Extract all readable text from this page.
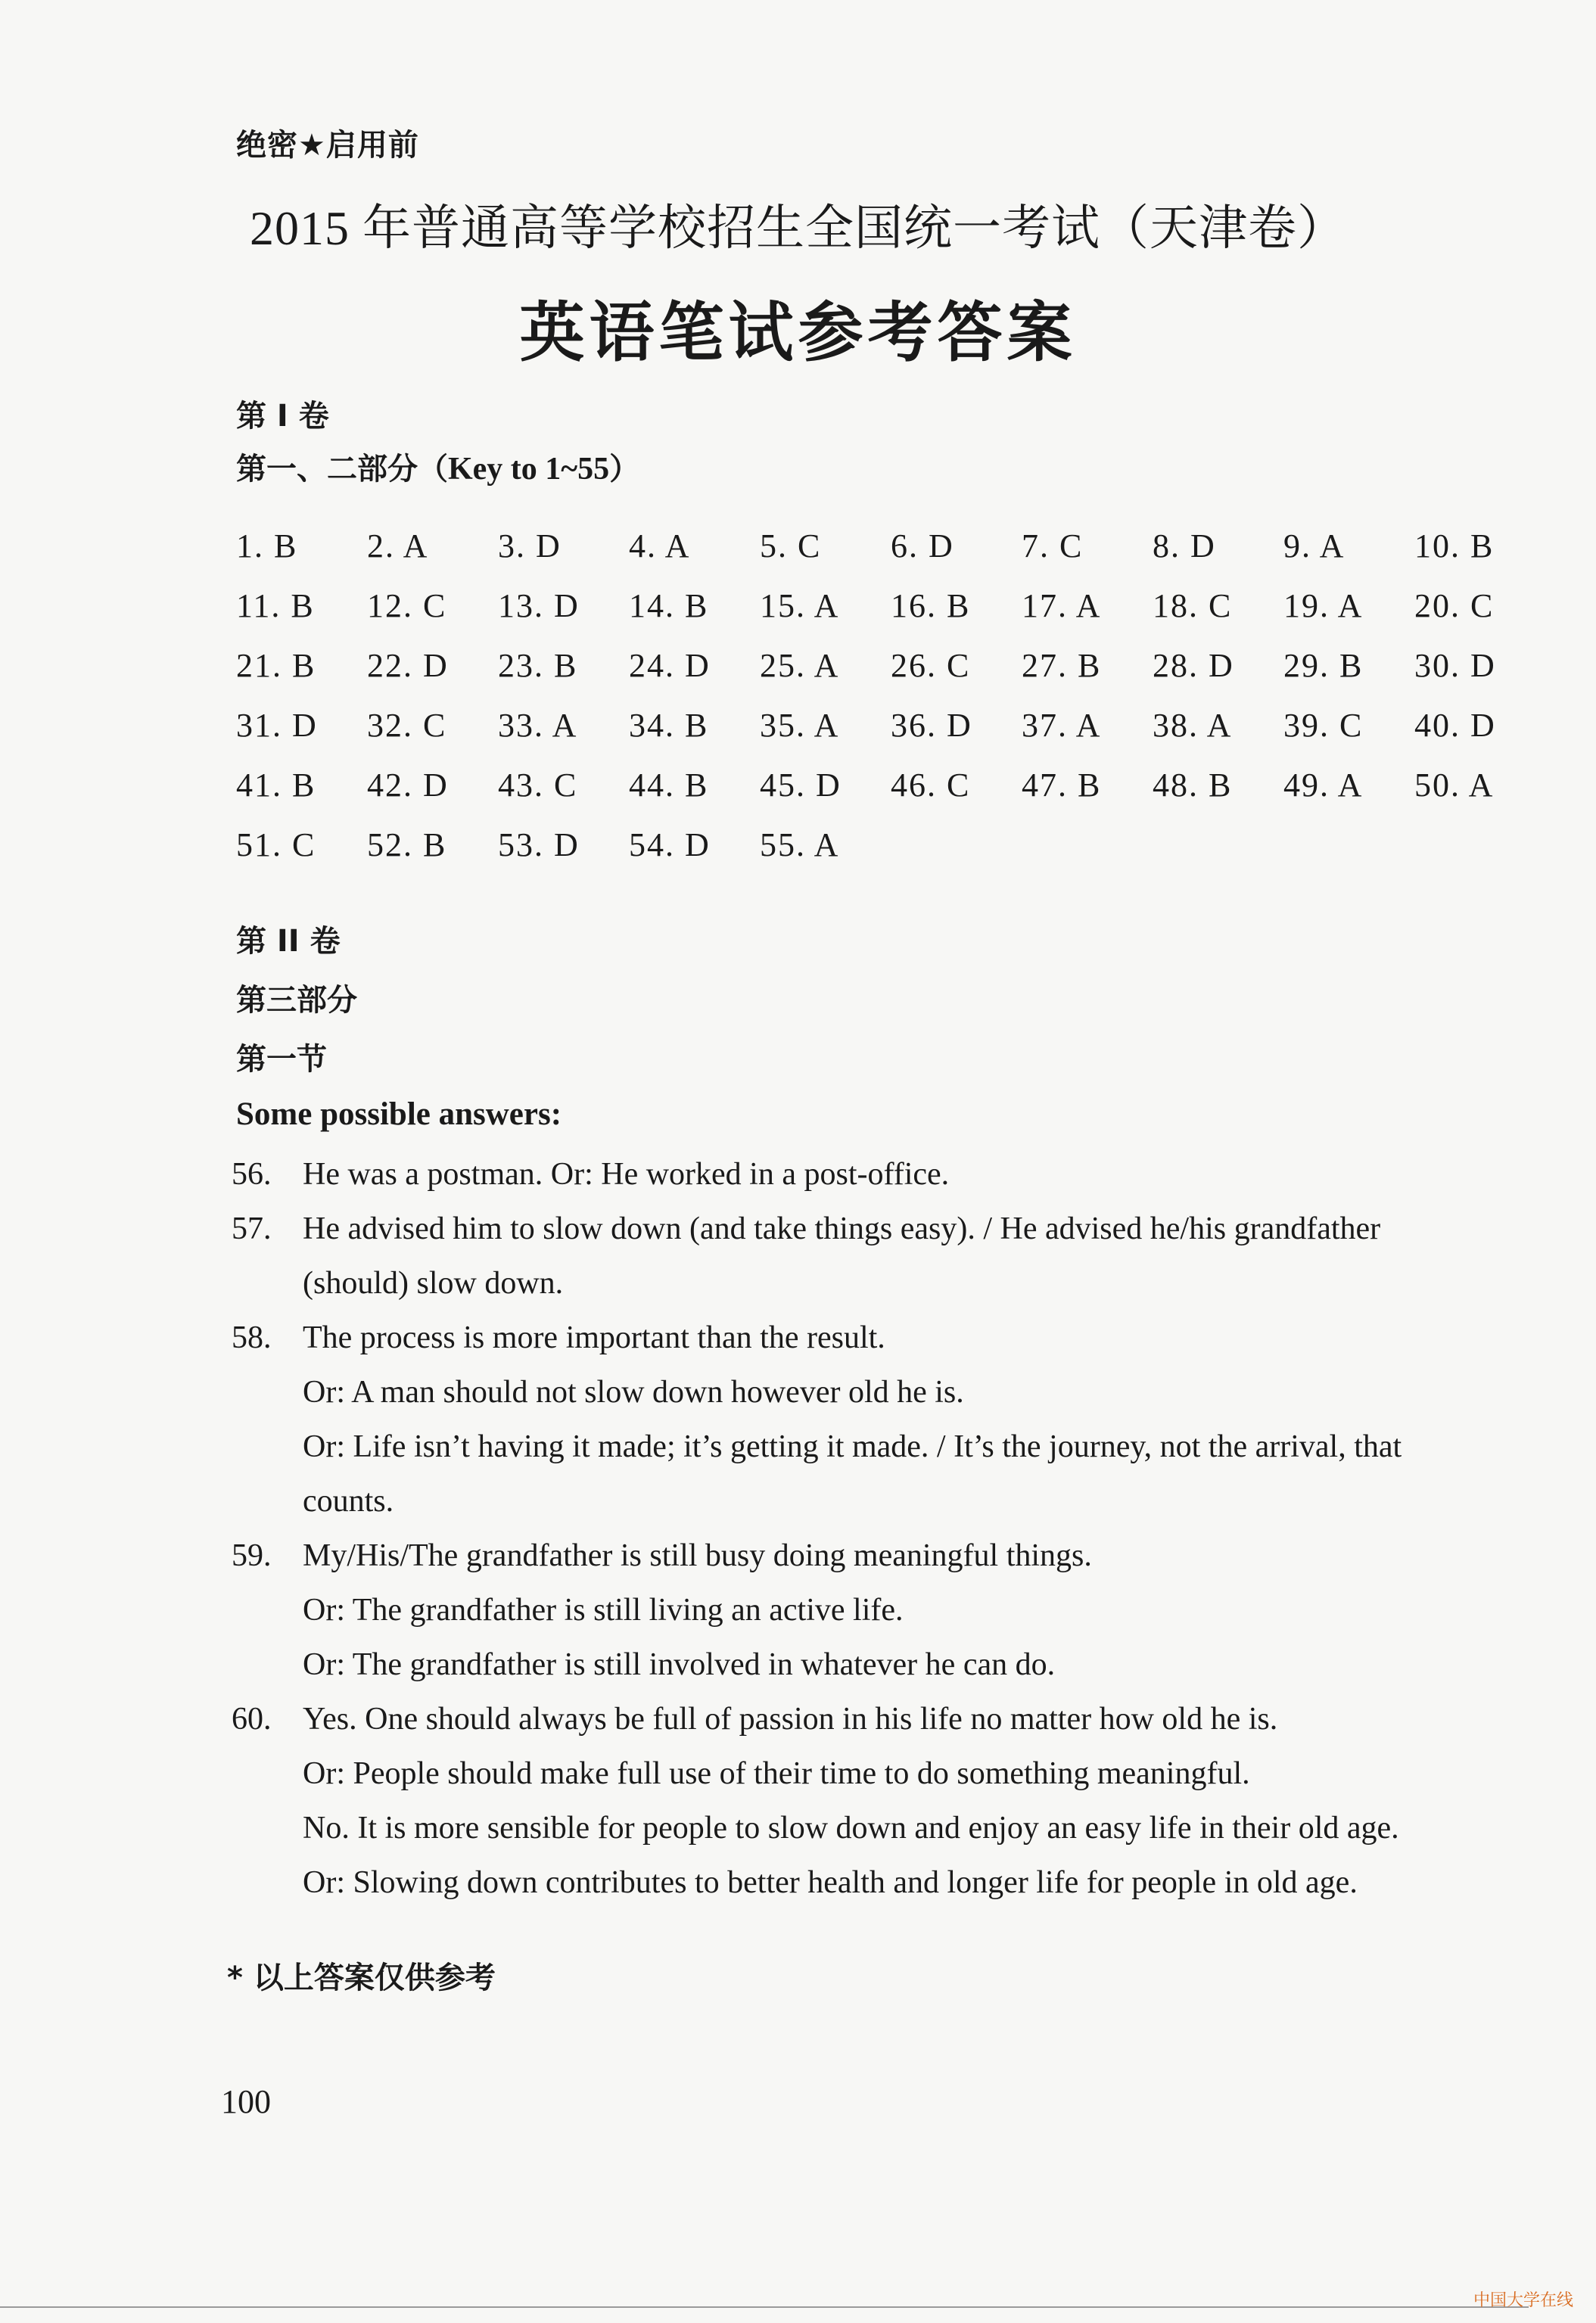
绝密★启用前
2015 年普通高等学校招生全国统一考试（天津卷）
英语笔试参考答案
第 I 卷
第一、二部分（Key to 1~55）
1. B 2. A 3. D 4. A 5. C 6. D 7. C 8. D 9. A 10. B
11. B 12. C 13. D 14. B 15. A 16. B 17. A 18. C 19. A 20. C
21. B 22. D 23. B 24. D 25. A 26. C 27. B 28. D 29. B 30. D
31. D 32. C 33. A 34. B 35. A 36. D 37. A 38. A 39. C 40. D
41. B 42. D 43. C 44. B 45. D 46. C 47. B 48. B 49. A 50. A
51. C 52. B 53. D 54. D 55. A
第 II 卷
第三部分
第一节
Some possible answers:
56. He was a postman. Or: He worked in a post-office.
57. He advised him to slow down (and take things easy). / He advised he/his grandfather
(should) slow down.
58. The process is more important than the result.
Or: A man should not slow down however old he is.
Or: Life isn’t having it made; it’s getting it made. / It’s the journey, not the arrival, that
counts.
59. My/His/The grandfather is still busy doing meaningful things.
Or: The grandfather is still living an active life.
Or: The grandfather is still involved in whatever he can do.
60. Yes. One should always be full of passion in his life no matter how old he is.
Or: People should make full use of their time to do something meaningful.
No. It is more sensible for people to slow down and enjoy an easy life in their old age.
Or: Slowing down contributes to better health and longer life for people in old age.
* 以上答案仅供参考
100
中国大学在线
